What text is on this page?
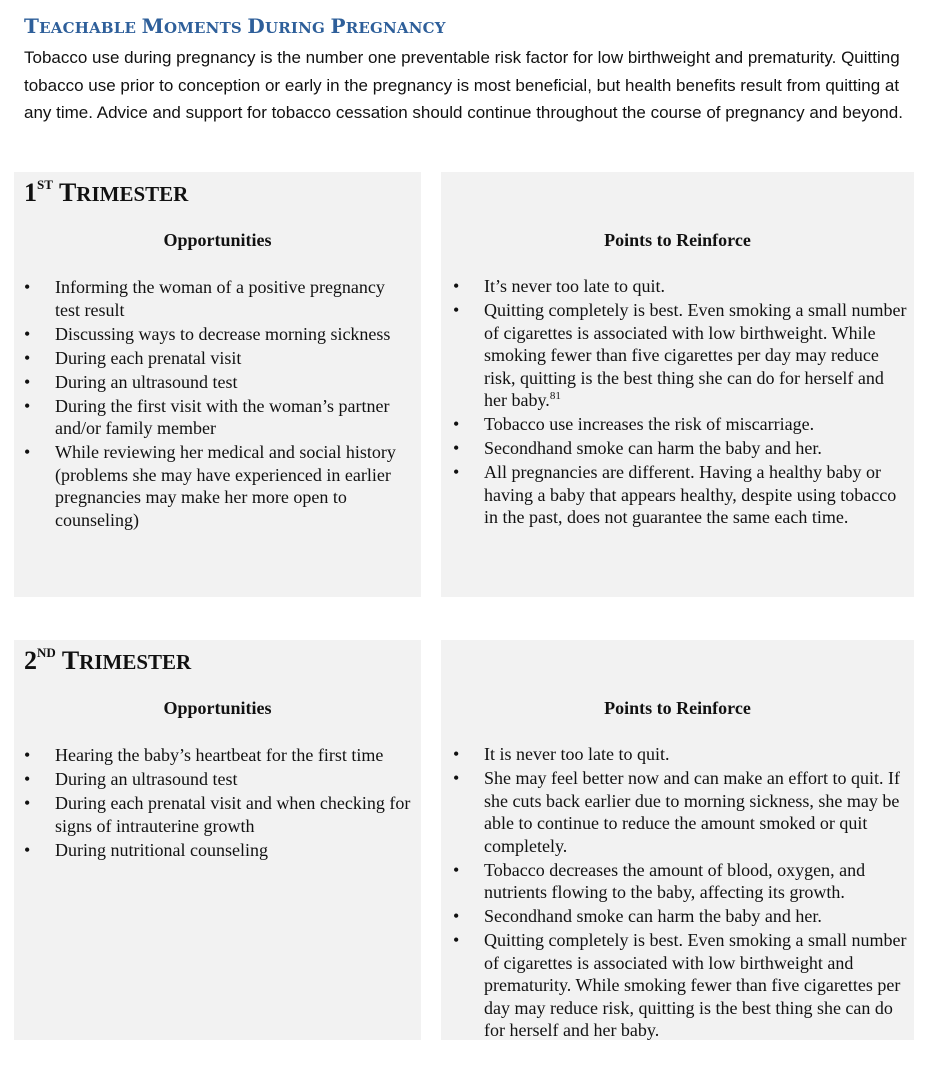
TEACHABLE MOMENTS DURING PREGNANCY
Tobacco use during pregnancy is the number one preventable risk factor for low birthweight and prematurity. Quitting tobacco use prior to conception or early in the pregnancy is most beneficial, but health benefits result from quitting at any time. Advice and support for tobacco cessation should continue throughout the course of pregnancy and beyond.
1ST TRIMESTER
Opportunities
• Informing the woman of a positive pregnancy test result
• Discussing ways to decrease morning sickness
• During each prenatal visit
• During an ultrasound test
• During the first visit with the woman’s partner and/or family member
• While reviewing her medical and social history (problems she may have experienced in earlier pregnancies may make her more open to counseling)
Points to Reinforce
• It’s never too late to quit.
• Quitting completely is best. Even smoking a small number of cigarettes is associated with low birthweight. While smoking fewer than five cigarettes per day may reduce risk, quitting is the best thing she can do for herself and her baby.$^{81}$
• Tobacco use increases the risk of miscarriage.
• Secondhand smoke can harm the baby and her.
• All pregnancies are different. Having a healthy baby or having a baby that appears healthy, despite using tobacco in the past, does not guarantee the same each time.
2ND TRIMESTER
Opportunities
• Hearing the baby’s heartbeat for the first time
• During an ultrasound test
• During each prenatal visit and when checking for signs of intrauterine growth
• During nutritional counseling
Points to Reinforce
• It is never too late to quit.
• She may feel better now and can make an effort to quit. If she cuts back earlier due to morning sickness, she may be able to continue to reduce the amount smoked or quit completely.
• Tobacco decreases the amount of blood, oxygen, and nutrients flowing to the baby, affecting its growth.
• Secondhand smoke can harm the baby and her.
• Quitting completely is best. Even smoking a small number of cigarettes is associated with low birthweight and prematurity. While smoking fewer than five cigarettes per day may reduce risk, quitting is the best thing she can do for herself and her baby.
